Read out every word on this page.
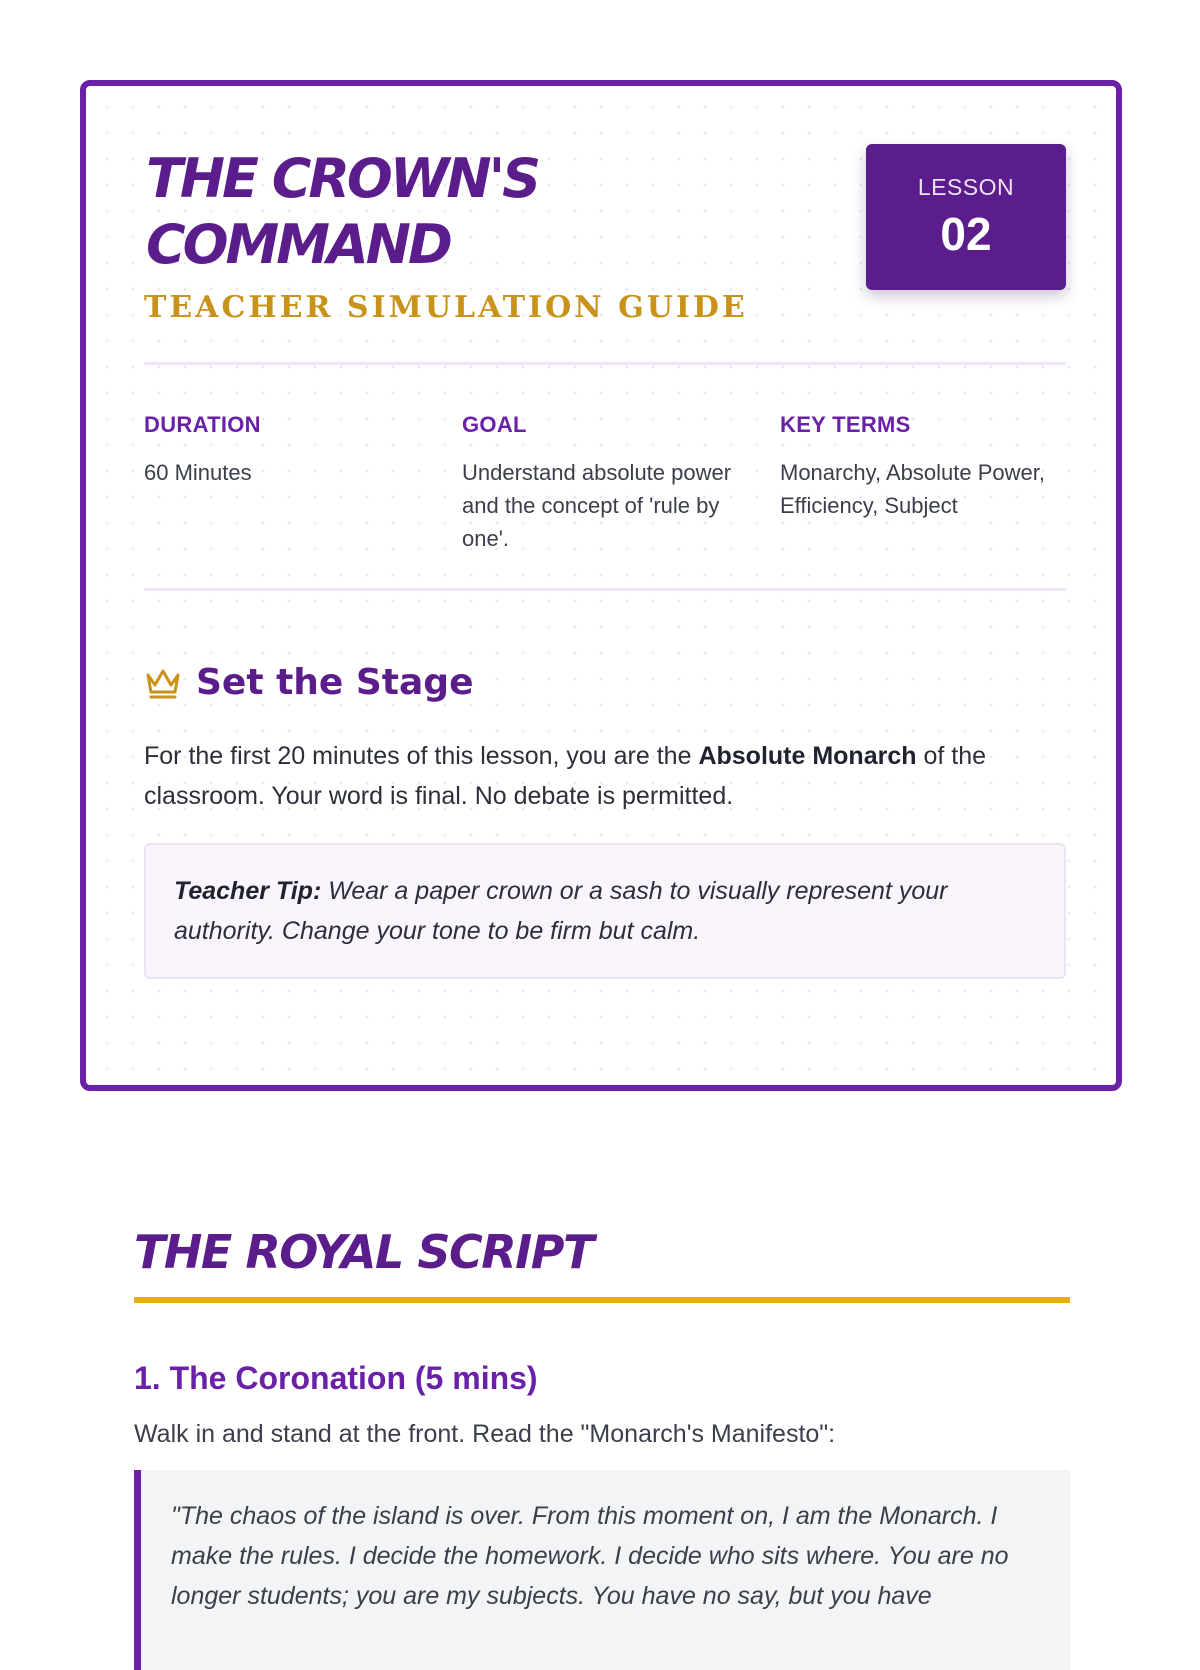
THE CROWN'S
COMMAND
TEACHER SIMULATION GUIDE
LESSON
02
DURATION
60 Minutes
GOAL
Understand absolute power and the concept of 'rule by one'.
KEY TERMS
Monarchy, Absolute Power, Efficiency, Subject
Set the Stage

For the first 20 minutes of this lesson, you are the Absolute Monarch of the classroom. Your word is final. No debate is permitted.

Teacher Tip: Wear a paper crown or a sash to visually represent your authority. Change your tone to be firm but calm.
THE ROYAL SCRIPT
1. The Coronation (5 mins)

Walk in and stand at the front. Read the "Monarch's Manifesto":

"The chaos of the island is over. From this moment on, I am the Monarch. I make the rules. I decide the homework. I decide who sits where. You are no longer students; you are my subjects. You have no say, but you have
